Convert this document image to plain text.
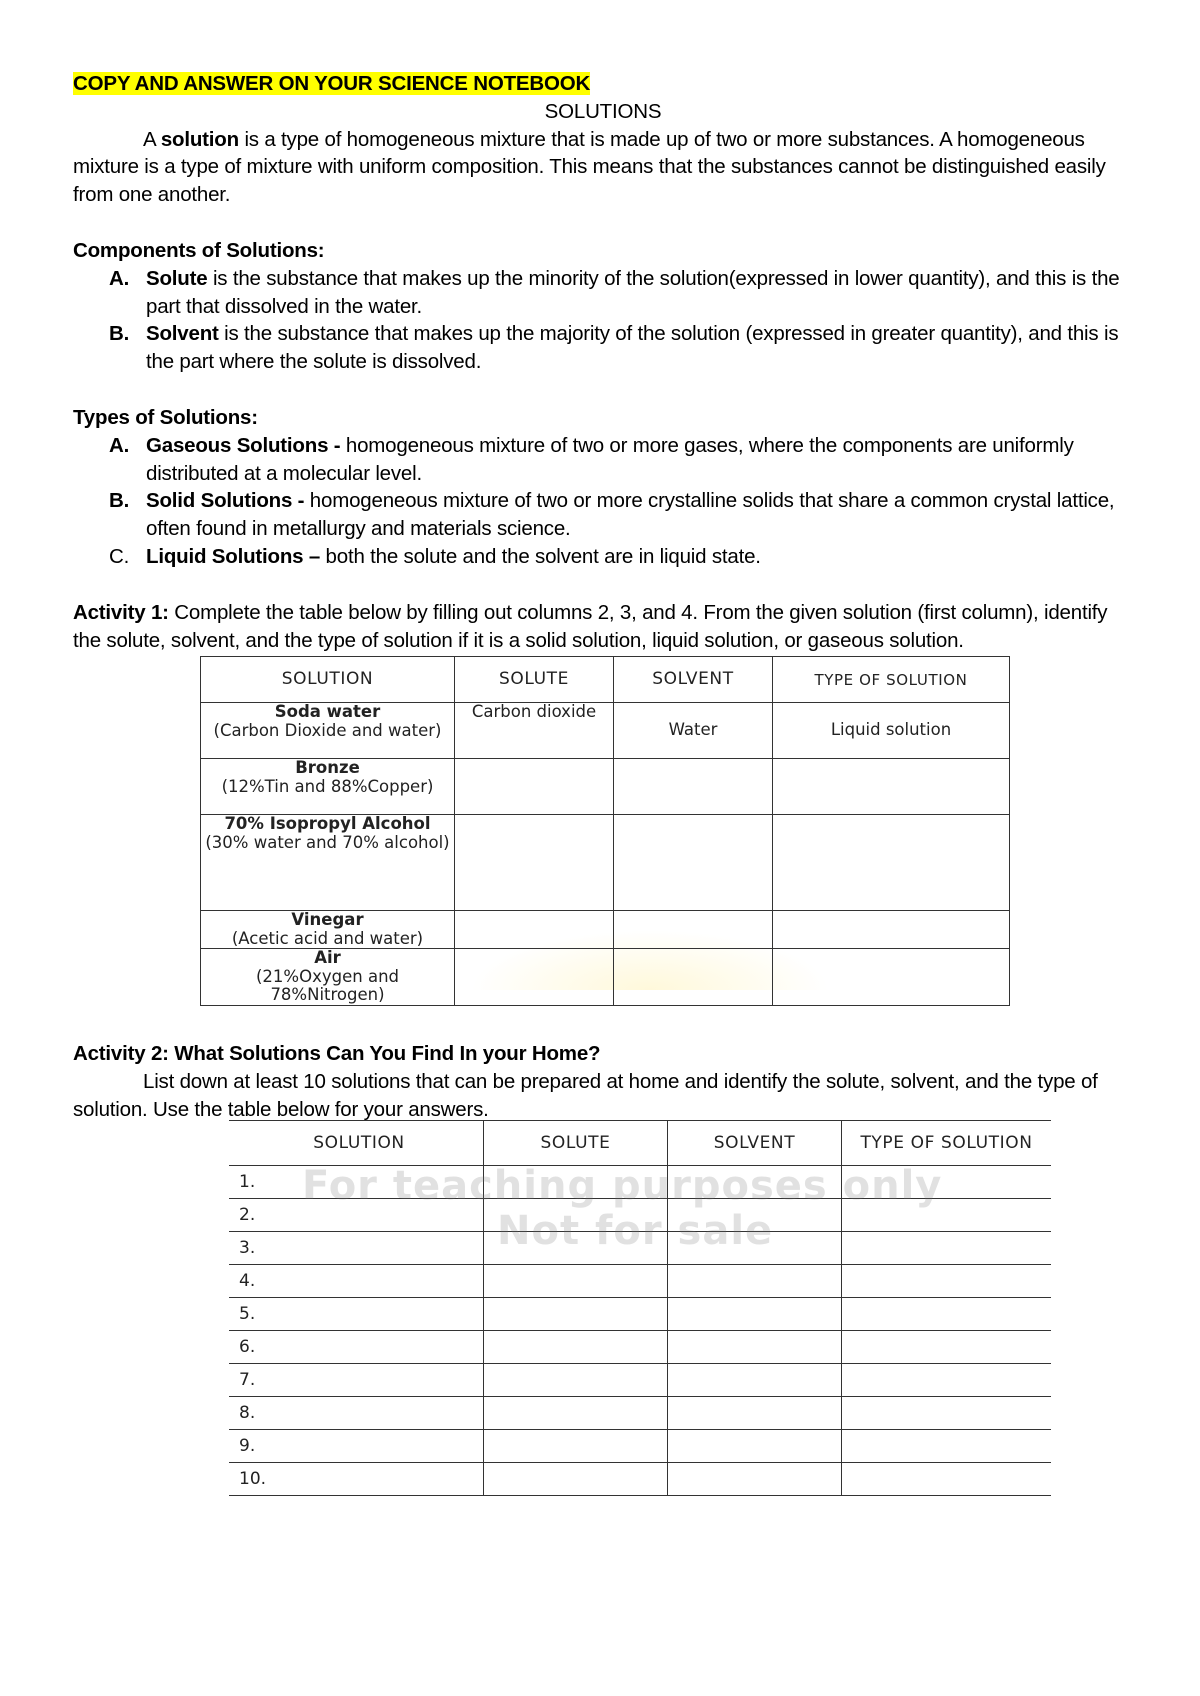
COPY AND ANSWER ON YOUR SCIENCE NOTEBOOK

SOLUTIONS

A solution is a type of homogeneous mixture that is made up of two or more substances. A homogeneous mixture is a type of mixture with uniform composition. This means that the substances cannot be distinguished easily from one another.

Components of Solutions:

A. Solute is the substance that makes up the minority of the solution(expressed in lower quantity), and this is the part that dissolved in the water.
B. Solvent is the substance that makes up the majority of the solution (expressed in greater quantity), and this is the part where the solute is dissolved.

Types of Solutions:

A. Gaseous Solutions - homogeneous mixture of two or more gases, where the components are uniformly distributed at a molecular level.
B. Solid Solutions - homogeneous mixture of two or more crystalline solids that share a common crystal lattice, often found in metallurgy and materials science.
C. Liquid Solutions – both the solute and the solvent are in liquid state.

Activity 1: Complete the table below by filling out columns 2, 3, and 4. From the given solution (first column), identify the solute, solvent, and the type of solution if it is a solid solution, liquid solution, or gaseous solution.

SOLUTION	SOLUTE	SOLVENT	TYPE OF SOLUTION
Soda water
(Carbon Dioxide and water)	Carbon dioxide	Water	Liquid solution
Bronze
(12%Tin and 88%Copper)			
70% Isopropyl Alcohol
(30% water and 70% alcohol)			
Vinegar
(Acetic acid and water)			
Air
(21%Oxygen and 78%Nitrogen)			

Activity 2: What Solutions Can You Find In your Home?

List down at least 10 solutions that can be prepared at home and identify the solute, solvent, and the type of solution. Use the table below for your answers.

SOLUTION	SOLUTE	SOLVENT	TYPE OF SOLUTION
1.			
2.			
3.			
4.			
5.			
6.			
7.			
8.			
9.			
10.			
For teaching purposes only
Not for sale
